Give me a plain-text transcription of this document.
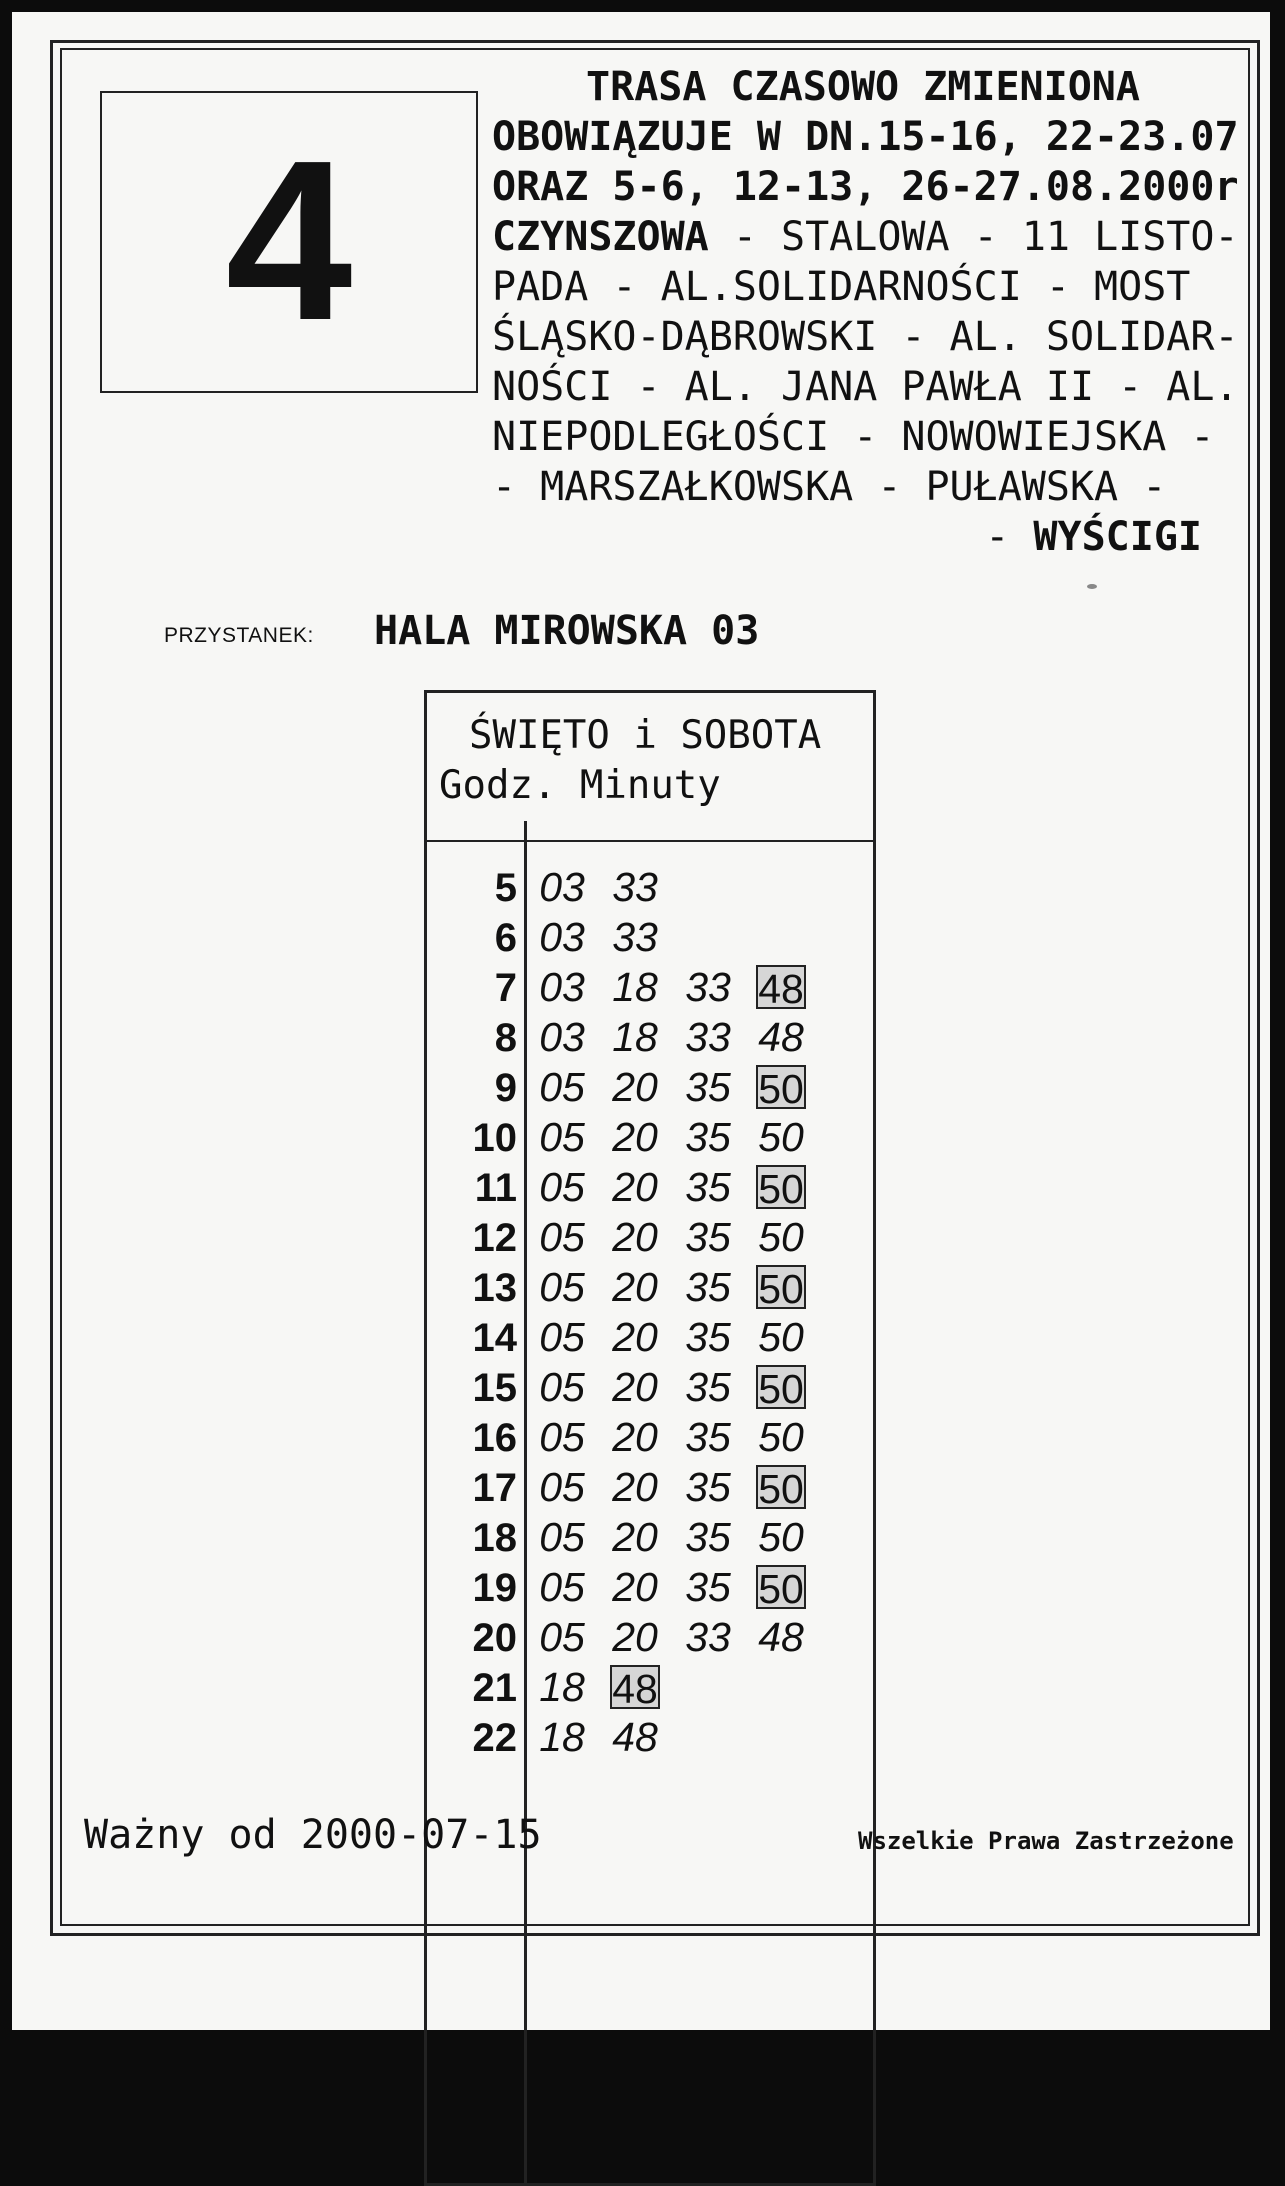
4
TRASA CZASOWO ZMIENIONA
OBOWIĄZUJE W DN.15-16, 22-23.07
ORAZ 5-6, 12-13, 26-27.08.2000r
CZYNSZOWA - STALOWA - 11 LISTO-
PADA - AL.SOLIDARNOŚCI - MOST
ŚLĄSKO-DĄBROWSKI - AL. SOLIDAR-
NOŚCI - AL. JANA PAWŁA II - AL.
NIEPODLEGŁOŚCI - NOWOWIEJSKA -
- MARSZAŁKOWSKA - PUŁAWSKA -
- WYŚCIGI
PRZYSTANEK: HALA MIROWSKA 03
ŚWIĘTO i SOBOTA
Godz. Minuty
5 03 33
6 03 33
7 03 18 33 48
8 03 18 33 48
9 05 20 35 50
10 05 20 35 50
11 05 20 35 50
12 05 20 35 50
13 05 20 35 50
14 05 20 35 50
15 05 20 35 50
16 05 20 35 50
17 05 20 35 50
18 05 20 35 50
19 05 20 35 50
20 05 20 33 48
21 18 48
22 18 48
Ważny od 2000-07-15	Wszelkie Prawa Zastrzeżone
